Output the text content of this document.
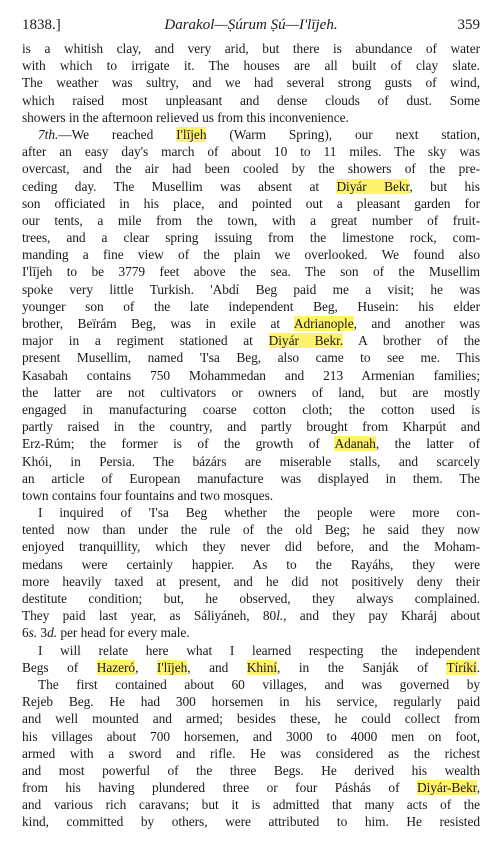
1838.]	Darakol—Ṣúrum Ṣú—I'lījeh.	359
is a whitish clay, and very arid, but there is abundance of water
with which to irrigate it. The houses are all built of clay slate.
The weather was sultry, and we had several strong gusts of wind,
which raised most unpleasant and dense clouds of dust. Some
showers in the afternoon relieved us from this inconvenience.
7th.—We reached I'lījeh (Warm Spring), our next station,
after an easy day's march of about 10 to 11 miles. The sky was
overcast, and the air had been cooled by the showers of the pre-
ceding day. The Musellim was absent at Diyár Bekr, but his
son officiated in his place, and pointed out a pleasant garden for
our tents, a mile from the town, with a great number of fruit-
trees, and a clear spring issuing from the limestone rock, com-
manding a fine view of the plain we overlooked. We found also
I'lījeh to be 3779 feet above the sea. The son of the Musellim
spoke very little Turkish. 'Abdí Beg paid me a visit; he was
younger son of the late independent Beg, Husein: his elder
brother, Beïrám Beg, was in exile at Adrianople, and another was
major in a regiment stationed at Diyár Bekr. A brother of the
present Musellim, named 'I'sa Beg, also came to see me. This
Kasabah contains 750 Mohammedan and 213 Armenian families;
the latter are not cultivators or owners of land, but are mostly
engaged in manufacturing coarse cotton cloth; the cotton used is
partly raised in the country, and partly brought from Kharpút and
Erz-Rúm; the former is of the growth of Adanah, the latter of
Khói, in Persia. The bázárs are miserable stalls, and scarcely
an article of European manufacture was displayed in them. The
town contains four fountains and two mosques.
I inquired of 'I'sa Beg whether the people were more con-
tented now than under the rule of the old Beg; he said they now
enjoyed tranquillity, which they never did before, and the Moham-
medans were certainly happier. As to the Rayáhs, they were
more heavily taxed at present, and he did not positively deny their
destitute condition; but, he observed, they always complained.
They paid last year, as Sáliyáneh, 80l., and they pay Kharáj about
6s. 3d. per head for every male.
I will relate here what I learned respecting the independent
Begs of Hazeró, I'lījeh, and Khiní, in the Sanják of Tíríkí.
The first contained about 60 villages, and was governed by
Rejeb Beg. He had 300 horsemen in his service, regularly paid
and well mounted and armed; besides these, he could collect from
his villages about 700 horsemen, and 3000 to 4000 men on foot,
armed with a sword and rifle. He was considered as the richest
and most powerful of the three Begs. He derived his wealth
from his having plundered three or four Páshás of Diyár-Bekr,
and various rich caravans; but it is admitted that many acts of the
kind, committed by others, were attributed to him. He resisted
